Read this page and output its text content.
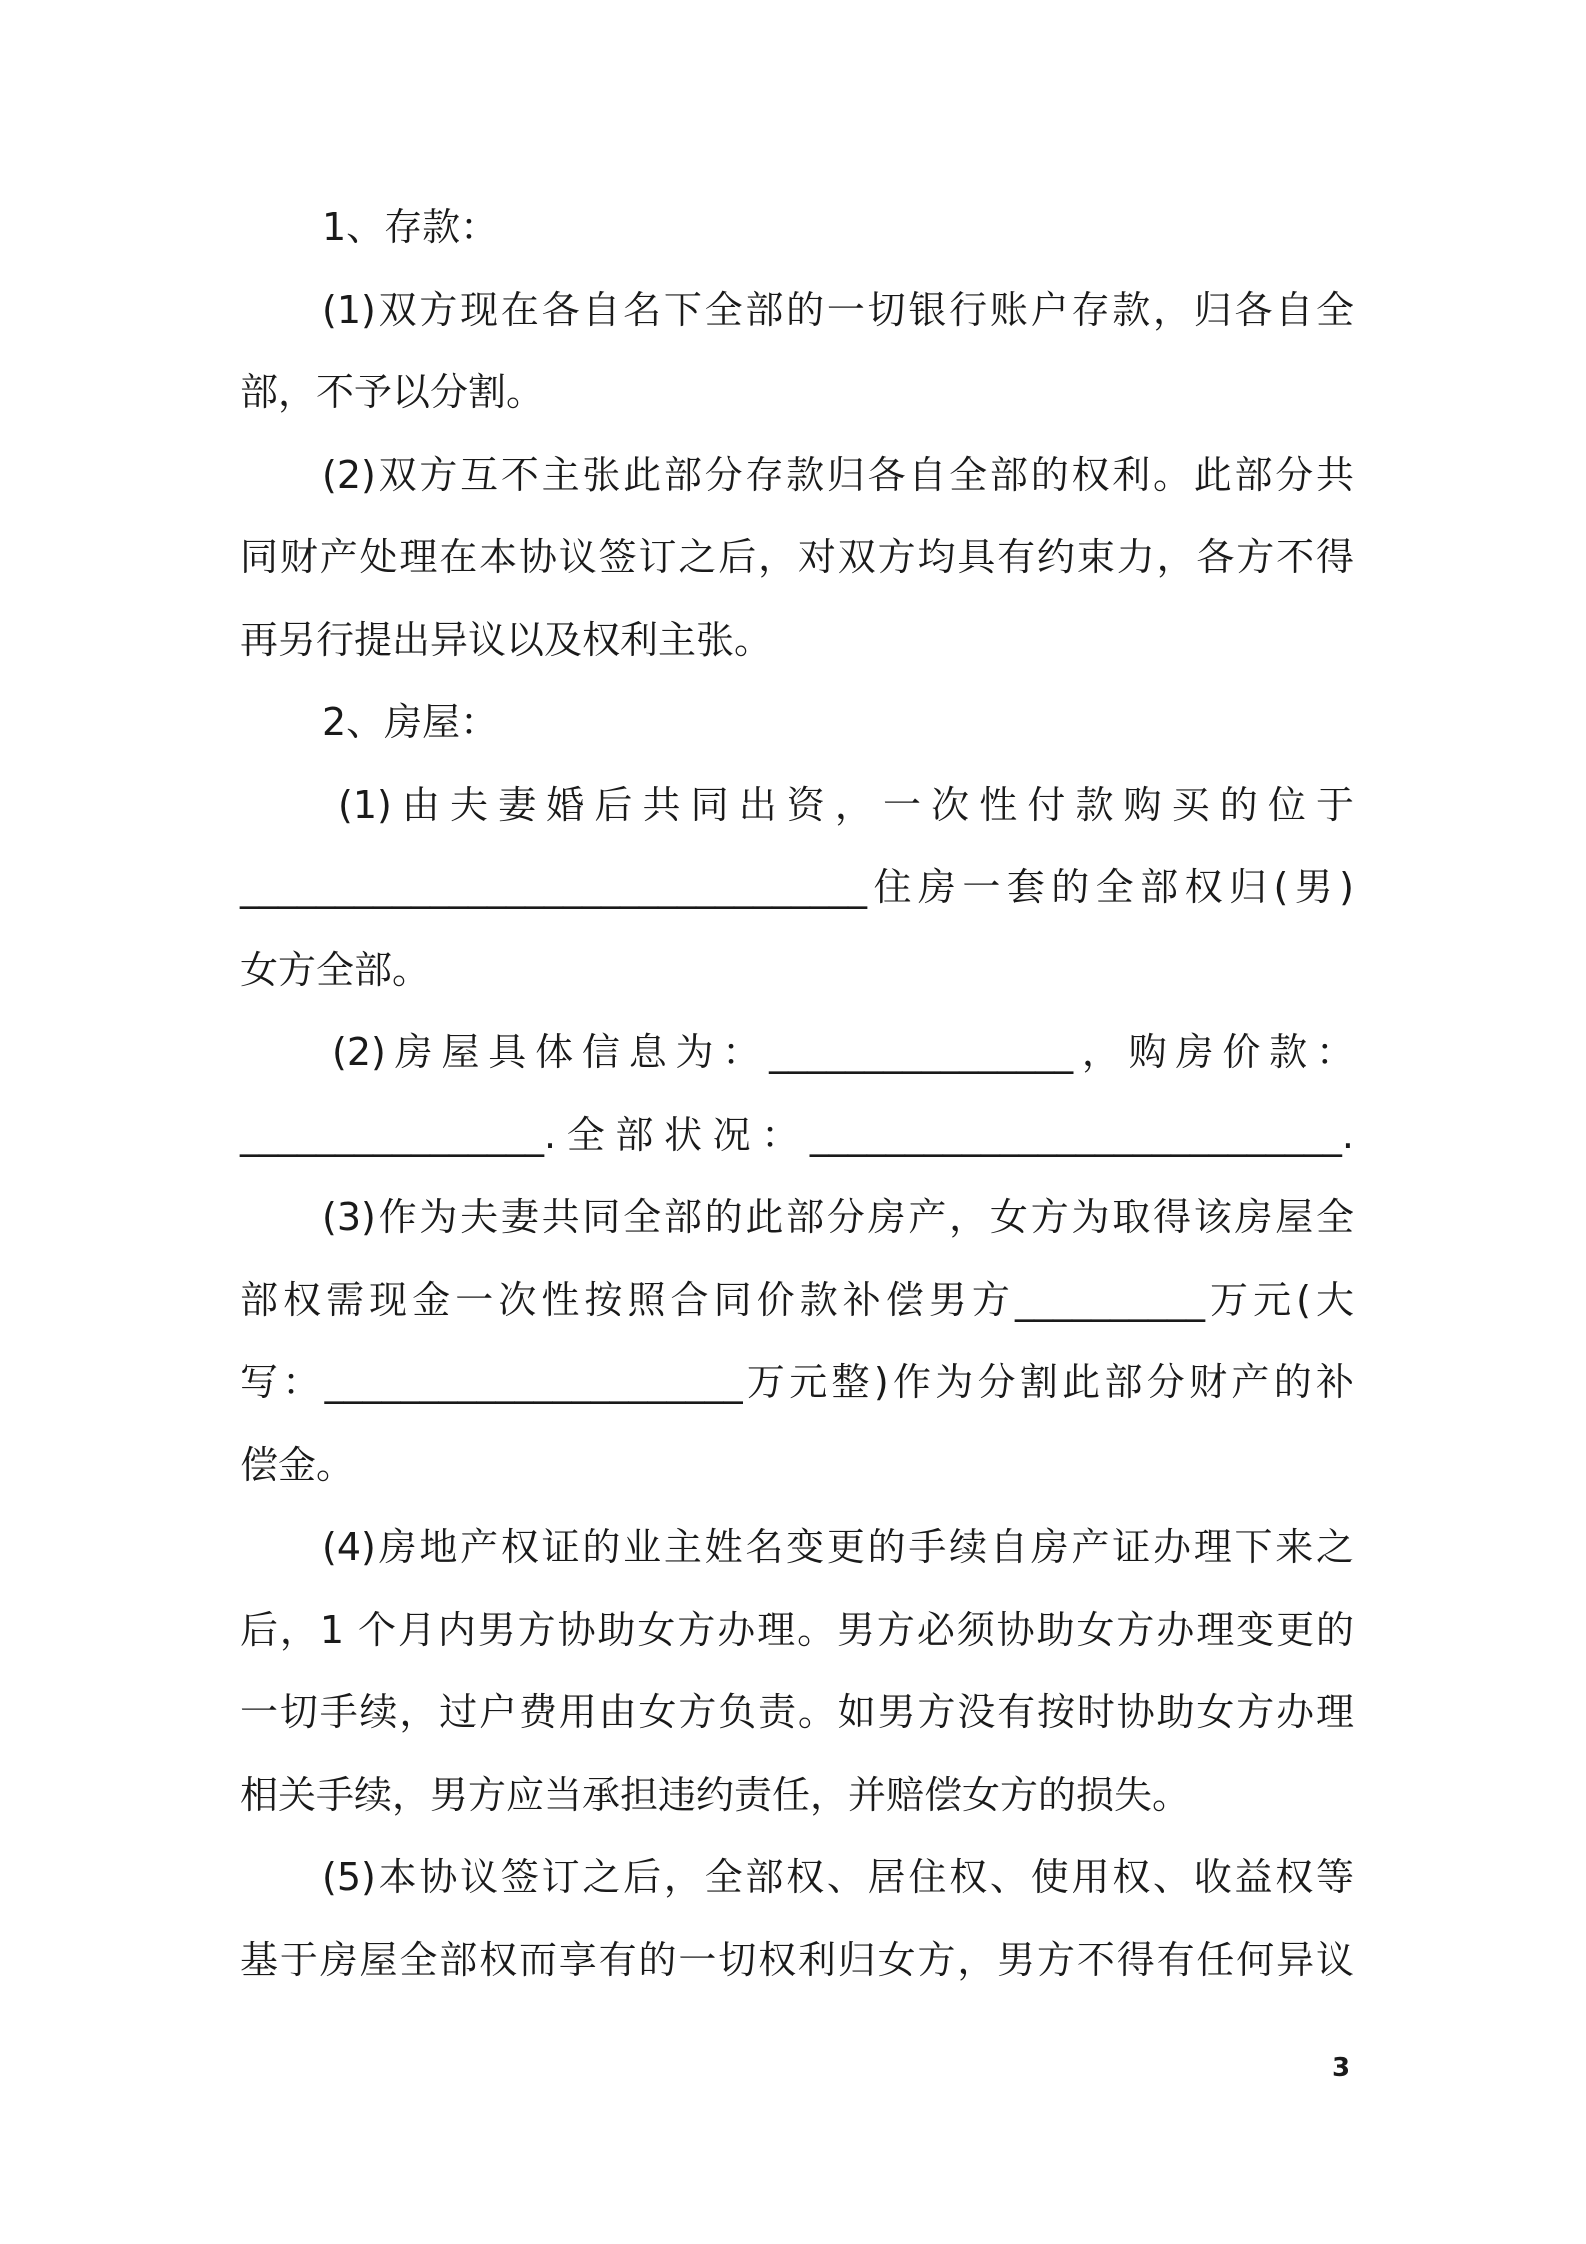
1、存款：
(1)双方现在各自名下全部的一切银行账户存款，归各自全
部，不予以分割。
(2)双方互不主张此部分存款归各自全部的权利。此部分共
同财产处理在本协议签订之后，对双方均具有约束力，各方不得
再另行提出异议以及权利主张。
2、房屋：
(1)由夫妻婚后共同出资，一次性付款购买的位于
_________________________________住房一套的全部权归(男)
女方全部。
(2)房屋具体信息为：________________，购房价款：
________________.全部状况：____________________________.
(3)作为夫妻共同全部的此部分房产，女方为取得该房屋全
部权需现金一次性按照合同价款补偿男方__________万元(大
写：______________________万元整)作为分割此部分财产的补
偿金。
(4)房地产权证的业主姓名变更的手续自房产证办理下来之
后，1 个月内男方协助女方办理。男方必须协助女方办理变更的
一切手续，过户费用由女方负责。如男方没有按时协助女方办理
相关手续，男方应当承担违约责任，并赔偿女方的损失。
(5)本协议签订之后，全部权、居住权、使用权、收益权等
基于房屋全部权而享有的一切权利归女方，男方不得有任何异议
3
